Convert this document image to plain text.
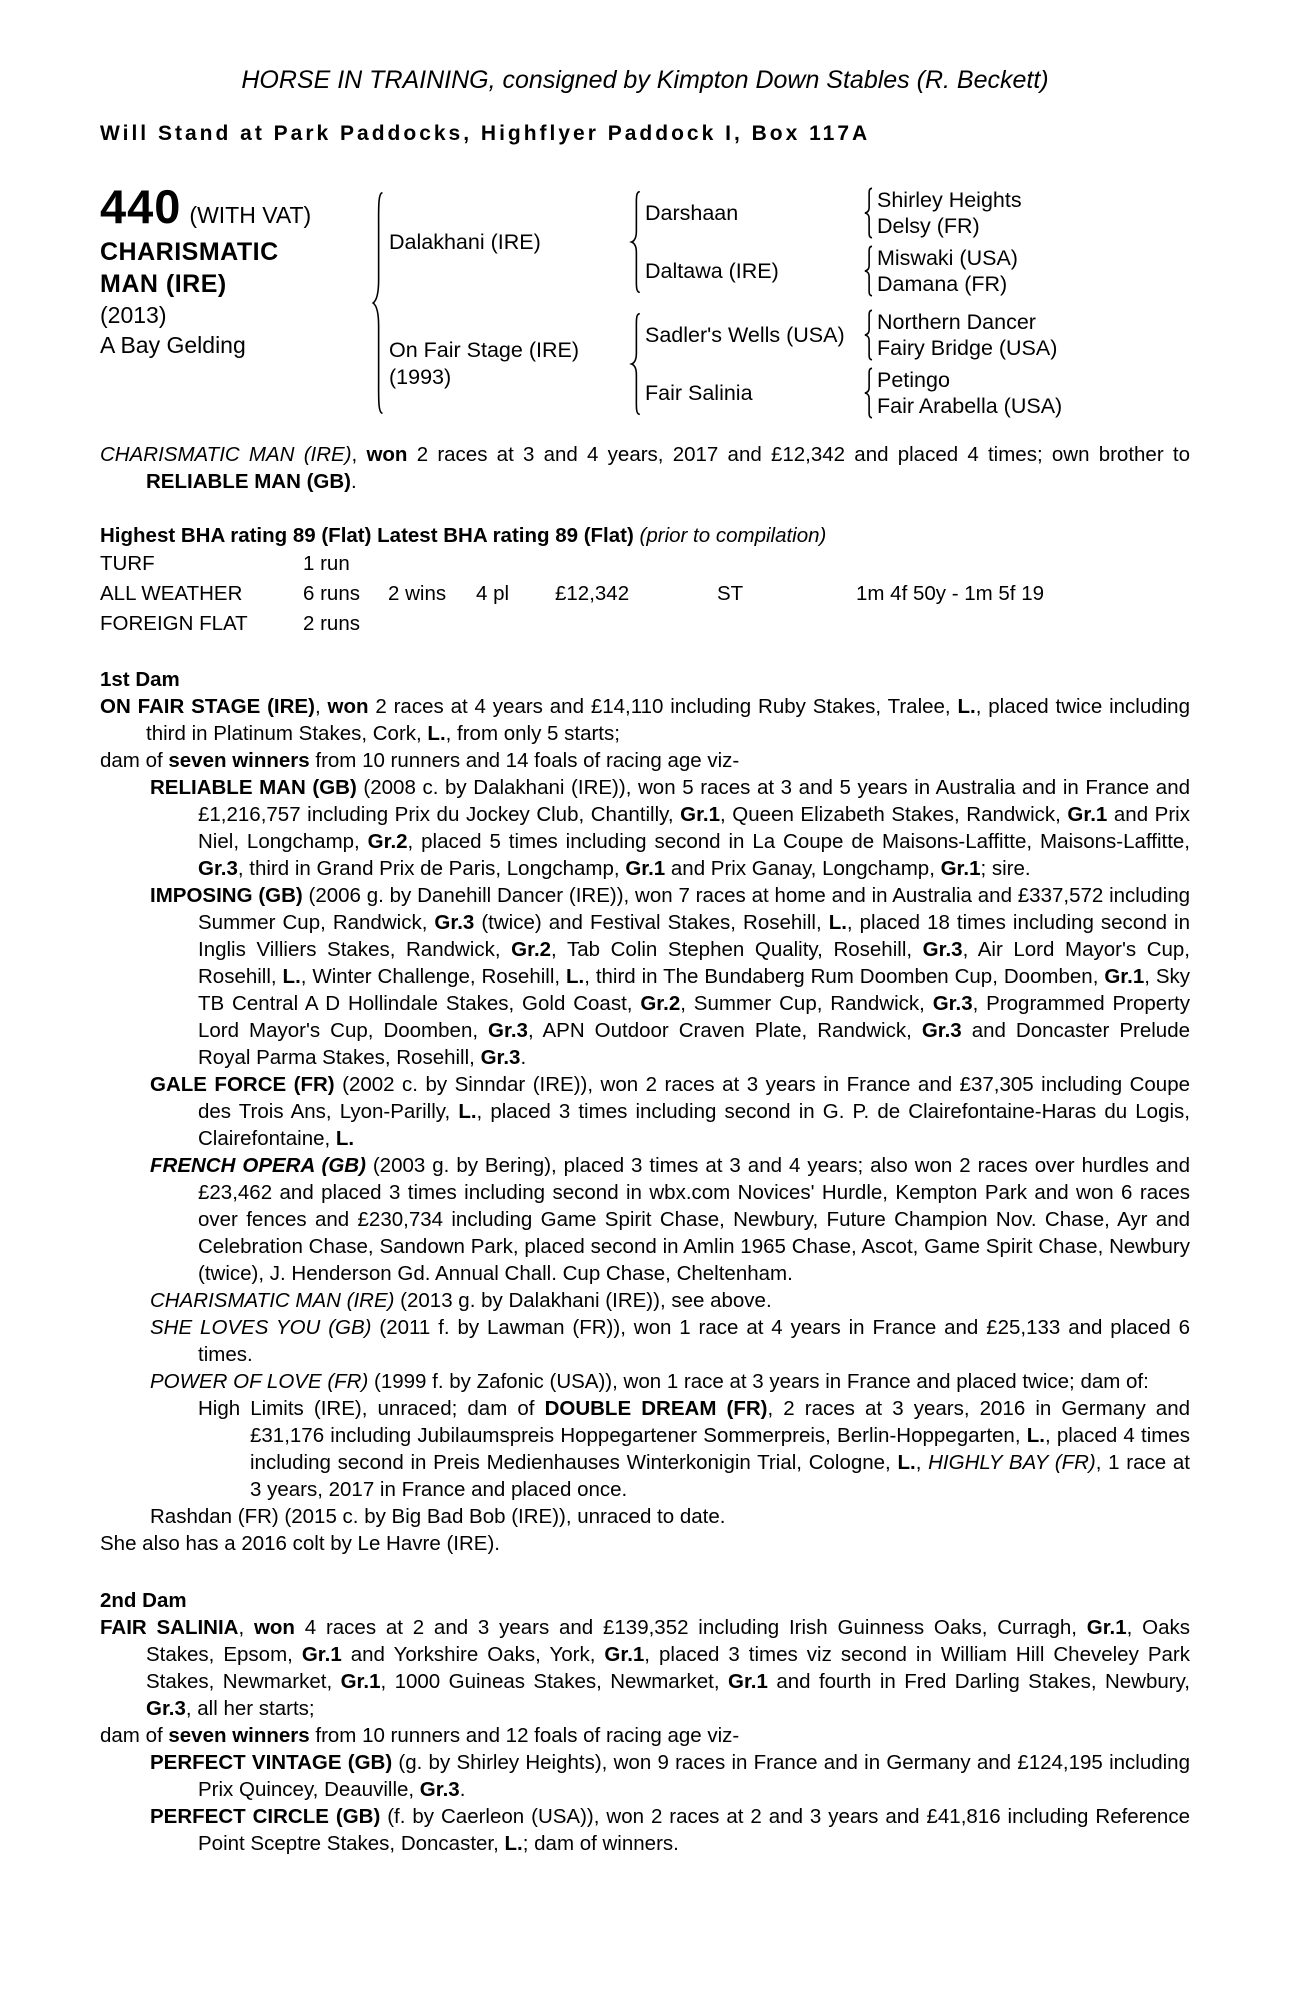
HORSE IN TRAINING, consigned by Kimpton Down Stables (R. Beckett)
Will Stand at Park Paddocks, Highflyer Paddock I, Box 117A
440 (WITH VAT)
CHARISMATIC MAN (IRE)
(2013)
A Bay Gelding
Dalakhani (IRE)
Darshaan
Shirley Heights
Delsy (FR)
Daltawa (IRE)
Miswaki (USA)
Damana (FR)
On Fair Stage (IRE)
(1993)
Sadler's Wells (USA)
Northern Dancer
Fairy Bridge (USA)
Fair Salinia
Petingo
Fair Arabella (USA)
CHARISMATIC MAN (IRE), won 2 races at 3 and 4 years, 2017 and £12,342 and placed 4 times; own brother to RELIABLE MAN (GB).
Highest BHA rating 89 (Flat) Latest BHA rating 89 (Flat) (prior to compilation)
TURF	1 run
ALL WEATHER	6 runs	2 wins	4 pl	£12,342	ST	1m 4f 50y - 1m 5f 19
FOREIGN FLAT	2 runs
1st Dam
ON FAIR STAGE (IRE), won 2 races at 4 years and £14,110 including Ruby Stakes, Tralee, L., placed twice including third in Platinum Stakes, Cork, L., from only 5 starts;
dam of seven winners from 10 runners and 14 foals of racing age viz-
RELIABLE MAN (GB) (2008 c. by Dalakhani (IRE)), won 5 races at 3 and 5 years in Australia and in France and £1,216,757 including Prix du Jockey Club, Chantilly, Gr.1, Queen Elizabeth Stakes, Randwick, Gr.1 and Prix Niel, Longchamp, Gr.2, placed 5 times including second in La Coupe de Maisons-Laffitte, Maisons-Laffitte, Gr.3, third in Grand Prix de Paris, Longchamp, Gr.1 and Prix Ganay, Longchamp, Gr.1; sire.
IMPOSING (GB) (2006 g. by Danehill Dancer (IRE)), won 7 races at home and in Australia and £337,572 including Summer Cup, Randwick, Gr.3 (twice) and Festival Stakes, Rosehill, L., placed 18 times including second in Inglis Villiers Stakes, Randwick, Gr.2, Tab Colin Stephen Quality, Rosehill, Gr.3, Air Lord Mayor's Cup, Rosehill, L., Winter Challenge, Rosehill, L., third in The Bundaberg Rum Doomben Cup, Doomben, Gr.1, Sky TB Central A D Hollindale Stakes, Gold Coast, Gr.2, Summer Cup, Randwick, Gr.3, Programmed Property Lord Mayor's Cup, Doomben, Gr.3, APN Outdoor Craven Plate, Randwick, Gr.3 and Doncaster Prelude Royal Parma Stakes, Rosehill, Gr.3.
GALE FORCE (FR) (2002 c. by Sinndar (IRE)), won 2 races at 3 years in France and £37,305 including Coupe des Trois Ans, Lyon-Parilly, L., placed 3 times including second in G. P. de Clairefontaine-Haras du Logis, Clairefontaine, L.
FRENCH OPERA (GB) (2003 g. by Bering), placed 3 times at 3 and 4 years; also won 2 races over hurdles and £23,462 and placed 3 times including second in wbx.com Novices' Hurdle, Kempton Park and won 6 races over fences and £230,734 including Game Spirit Chase, Newbury, Future Champion Nov. Chase, Ayr and Celebration Chase, Sandown Park, placed second in Amlin 1965 Chase, Ascot, Game Spirit Chase, Newbury (twice), J. Henderson Gd. Annual Chall. Cup Chase, Cheltenham.
CHARISMATIC MAN (IRE) (2013 g. by Dalakhani (IRE)), see above.
SHE LOVES YOU (GB) (2011 f. by Lawman (FR)), won 1 race at 4 years in France and £25,133 and placed 6 times.
POWER OF LOVE (FR) (1999 f. by Zafonic (USA)), won 1 race at 3 years in France and placed twice; dam of:
High Limits (IRE), unraced; dam of DOUBLE DREAM (FR), 2 races at 3 years, 2016 in Germany and £31,176 including Jubilaumspreis Hoppegartener Sommerpreis, Berlin-Hoppegarten, L., placed 4 times including second in Preis Medienhauses Winterkonigin Trial, Cologne, L., HIGHLY BAY (FR), 1 race at 3 years, 2017 in France and placed once.
Rashdan (FR) (2015 c. by Big Bad Bob (IRE)), unraced to date.
She also has a 2016 colt by Le Havre (IRE).
2nd Dam
FAIR SALINIA, won 4 races at 2 and 3 years and £139,352 including Irish Guinness Oaks, Curragh, Gr.1, Oaks Stakes, Epsom, Gr.1 and Yorkshire Oaks, York, Gr.1, placed 3 times viz second in William Hill Cheveley Park Stakes, Newmarket, Gr.1, 1000 Guineas Stakes, Newmarket, Gr.1 and fourth in Fred Darling Stakes, Newbury, Gr.3, all her starts;
dam of seven winners from 10 runners and 12 foals of racing age viz-
PERFECT VINTAGE (GB) (g. by Shirley Heights), won 9 races in France and in Germany and £124,195 including Prix Quincey, Deauville, Gr.3.
PERFECT CIRCLE (GB) (f. by Caerleon (USA)), won 2 races at 2 and 3 years and £41,816 including Reference Point Sceptre Stakes, Doncaster, L.; dam of winners.
